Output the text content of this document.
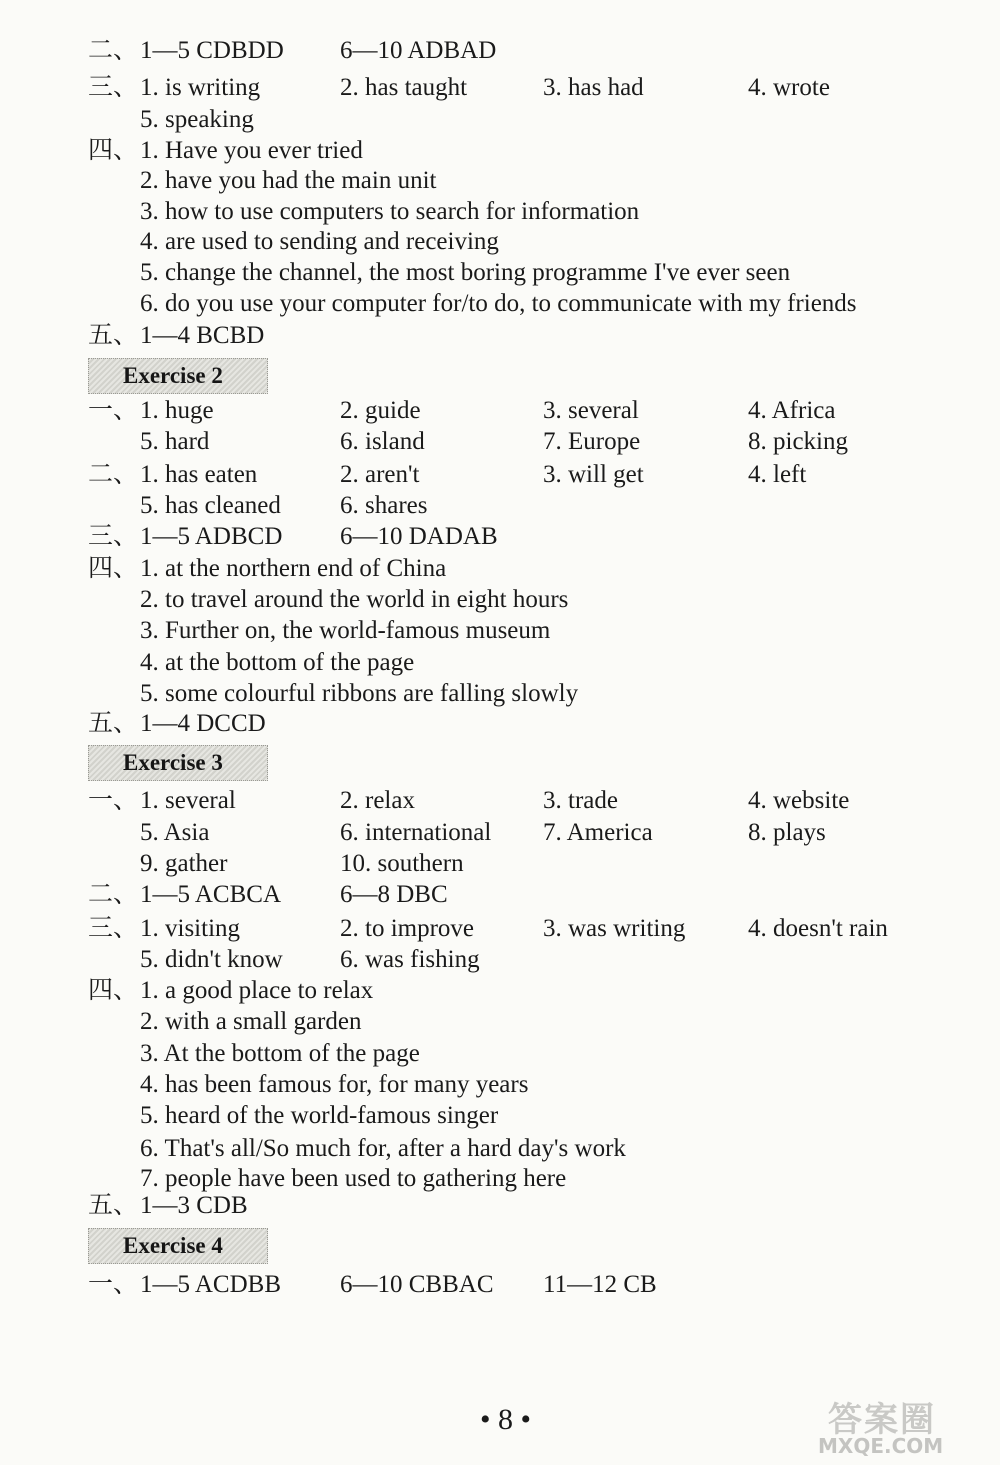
二、 1—5 CDBDD 6—10 ADBAD
三、 1. is writing	2. has taught	3. has had	4. wrote
5. speaking
四、 1. Have you ever tried
2. have you had the main unit
3. how to use computers to search for information
4. are used to sending and receiving
5. change the channel, the most boring programme I've ever seen
6. do you use your computer for/to do, to communicate with my friends
五、 1—4 BCBD
Exercise 2
一、 1. huge	2. guide	3. several	4. Africa
5. hard	6. island	7. Europe	8. picking
二、 1. has eaten	2. aren't	3. will get	4. left
5. has cleaned 6. shares
三、 1—5 ADBCD 6—10 DADAB
四、 1. at the northern end of China
2. to travel around the world in eight hours
3. Further on, the world-famous museum
4. at the bottom of the page
5. some colourful ribbons are falling slowly
五、 1—4 DCCD
Exercise 3
一、 1. several	2. relax	3. trade	4. website
5. Asia	6. international 7. America	8. plays
9. gather	10. southern
二、 1—5 ACBCA 6—8 DBC
三、 1. visiting	2. to improve	3. was writing	4. doesn't rain
5. didn't know 6. was fishing
四、 1. a good place to relax
2. with a small garden
3. At the bottom of the page
4. has been famous for, for many years
5. heard of the world-famous singer
6. That's all/So much for, after a hard day's work
7. people have been used to gathering here
五、 1—3 CDB
Exercise 4
一、 1—5 ACDBB 6—10 CBBAC 11—12 CB
• 8 •	答案圈
MXQE.COM
